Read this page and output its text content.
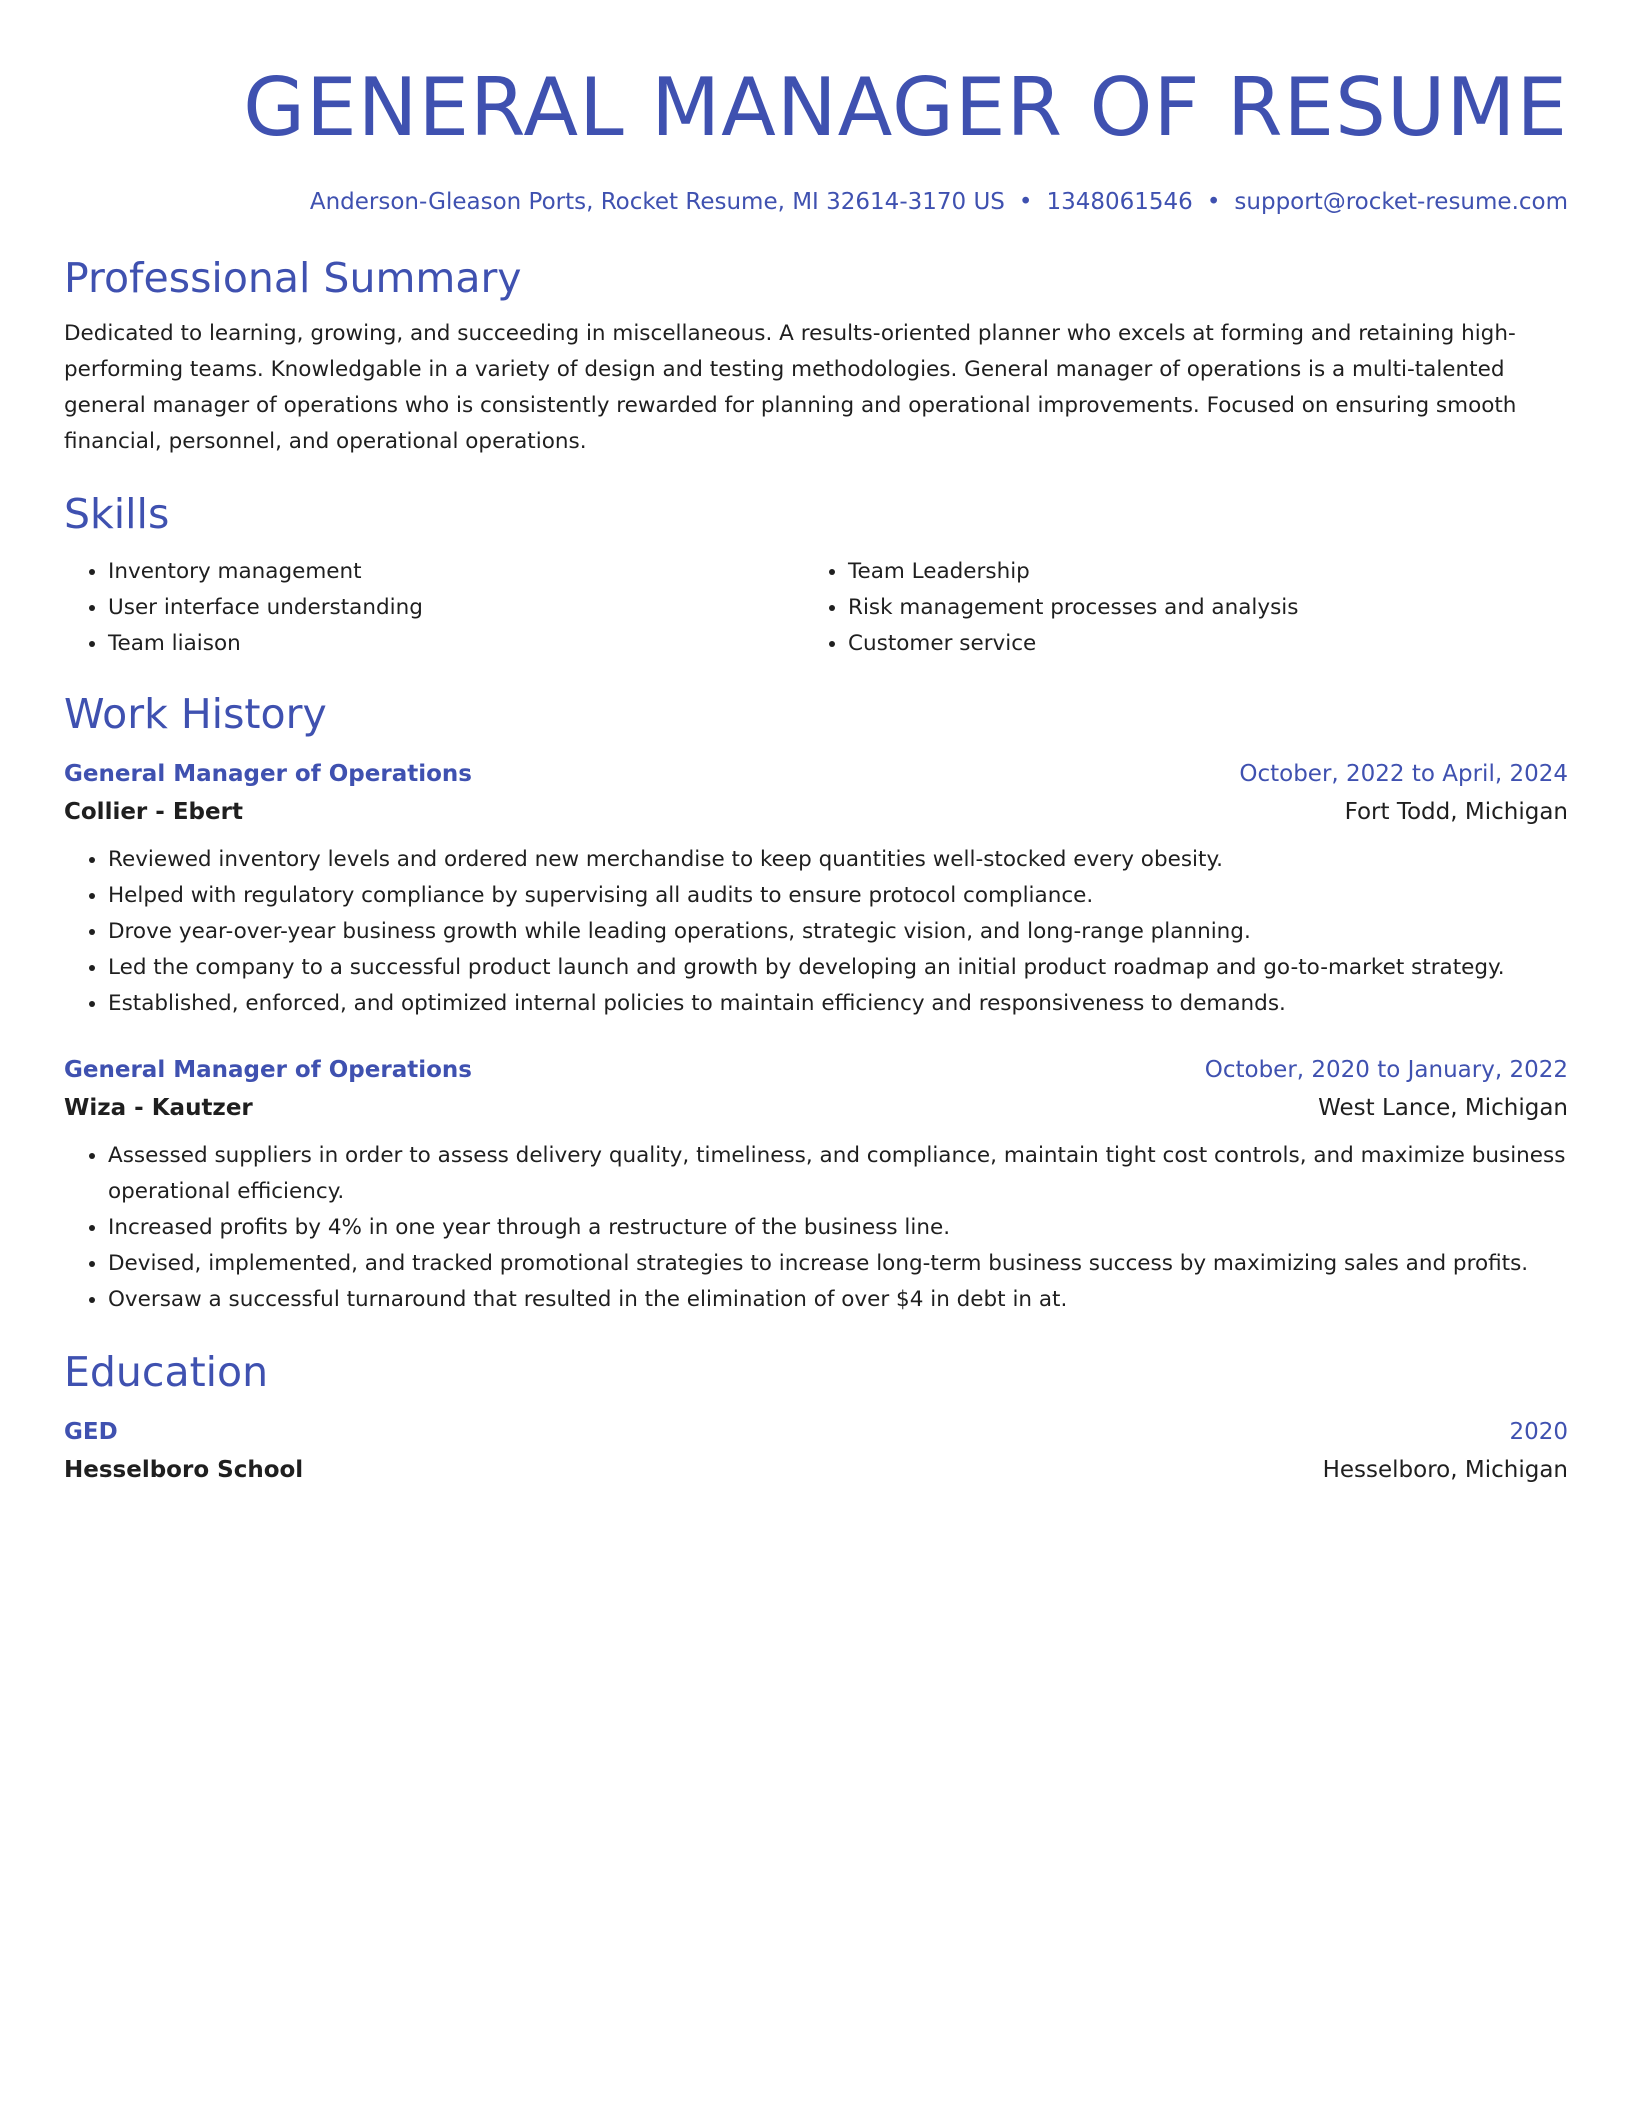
GENERAL MANAGER OF RESUME
Anderson-Gleason Ports, Rocket Resume, MI 32614-3170 US • 1348061546 • support@rocket-resume.com
Professional Summary
Dedicated to learning, growing, and succeeding in miscellaneous. A results-oriented planner who excels at forming and retaining high-performing teams. Knowledgable in a variety of design and testing methodologies. General manager of operations is a multi-talented general manager of operations who is consistently rewarded for planning and operational improvements. Focused on ensuring smooth financial, personnel, and operational operations.
Skills
• Inventory management
• User interface understanding
• Team liaison
• Team Leadership
• Risk management processes and analysis
• Customer service
Work History
General Manager of Operations	October, 2022 to April, 2024
Collier - Ebert	Fort Todd, Michigan
• Reviewed inventory levels and ordered new merchandise to keep quantities well-stocked every obesity.
• Helped with regulatory compliance by supervising all audits to ensure protocol compliance.
• Drove year-over-year business growth while leading operations, strategic vision, and long-range planning.
• Led the company to a successful product launch and growth by developing an initial product roadmap and go-to-market strategy.
• Established, enforced, and optimized internal policies to maintain efficiency and responsiveness to demands.
General Manager of Operations	October, 2020 to January, 2022
Wiza - Kautzer	West Lance, Michigan
• Assessed suppliers in order to assess delivery quality, timeliness, and compliance, maintain tight cost controls, and maximize business operational efficiency.
• Increased profits by 4% in one year through a restructure of the business line.
• Devised, implemented, and tracked promotional strategies to increase long-term business success by maximizing sales and profits.
• Oversaw a successful turnaround that resulted in the elimination of over $4 in debt in at.
Education
GED	2020
Hesselboro School	Hesselboro, Michigan
